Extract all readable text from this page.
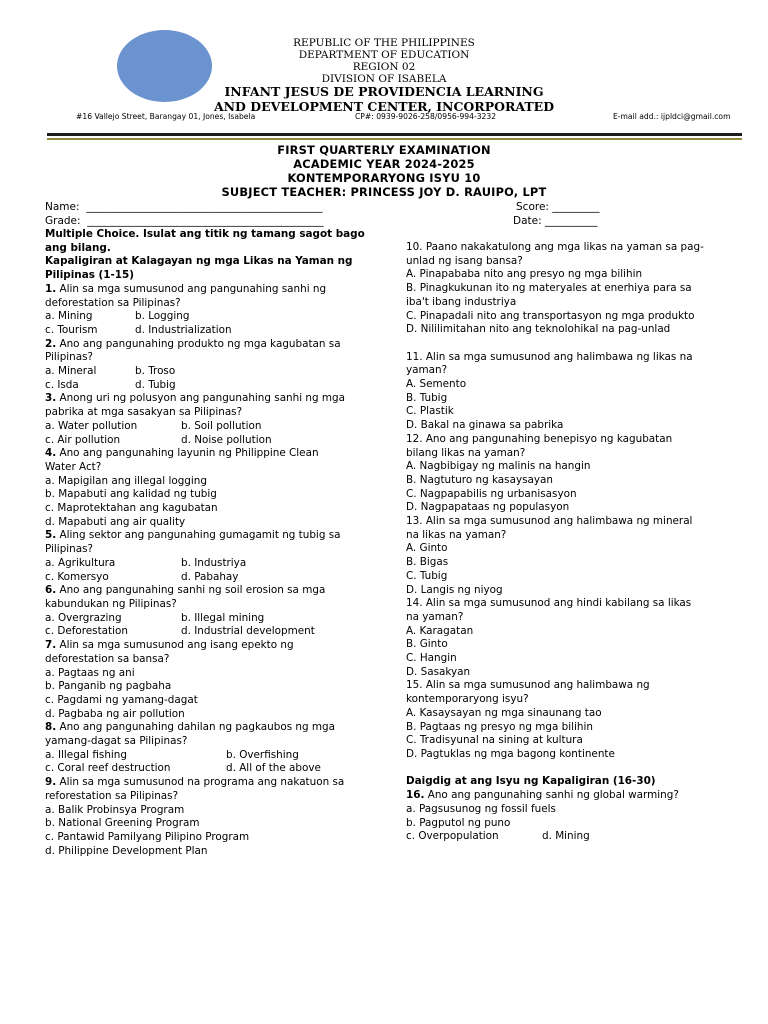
REPUBLIC OF THE PHILIPPINES
DEPARTMENT OF EDUCATION
REGION 02
DIVISION OF ISABELA
INFANT JESUS DE PROVIDENCIA LEARNING
AND DEVELOPMENT CENTER, INCORPORATED
#16 Vallejo Street, Barangay 01, Jones, Isabela	CP#: 0939-9026-258/0956-994-3232	E-mail add.: ijpldci@gmail.com
FIRST QUARTERLY EXAMINATION
ACADEMIC YEAR 2024-2025
KONTEMPORARYONG ISYU 10
SUBJECT TEACHER: PRINCESS JOY D. RAUIPO, LPT
Name:  _____________________________________________
Grade:  _____________________________________________
Score: _________
Date: __________

Multiple Choice. Isulat ang titik ng tamang sagot bago

ang bilang.

Kapaligiran at Kalagayan ng mga Likas na Yaman ng

Pilipinas (1-15)

1. Alin sa mga sumusunod ang pangunahing sanhi ng

deforestation sa Pilipinas?

a. Mining	b. Logging
c. Tourism	d. Industrialization

2. Ano ang pangunahing produkto ng mga kagubatan sa

Pilipinas?

a. Mineral	b. Troso
c. Isda	d. Tubig

3. Anong uri ng polusyon ang pangunahing sanhi ng mga

pabrika at mga sasakyan sa Pilipinas?

a. Water pollution	b. Soil pollution
c. Air pollution	d. Noise pollution

4. Ano ang pangunahing layunin ng Philippine Clean

Water Act?

a. Mapigilan ang illegal logging

b. Mapabuti ang kalidad ng tubig

c. Maprotektahan ang kagubatan

d. Mapabuti ang air quality

5. Aling sektor ang pangunahing gumagamit ng tubig sa

Pilipinas?

a. Agrikultura	b. Industriya
c. Komersyo	d. Pabahay

6. Ano ang pangunahing sanhi ng soil erosion sa mga

kabundukan ng Pilipinas?

a. Overgrazing	b. Illegal mining
c. Deforestation	d. Industrial development

7. Alin sa mga sumusunod ang isang epekto ng

deforestation sa bansa?

a. Pagtaas ng ani

b. Panganib ng pagbaha

c. Pagdami ng yamang-dagat

d. Pagbaba ng air pollution

8. Ano ang pangunahing dahilan ng pagkaubos ng mga

yamang-dagat sa Pilipinas?

a. Illegal fishing	b. Overfishing
c. Coral reef destruction	d. All of the above

9. Alin sa mga sumusunod na programa ang nakatuon sa

reforestation sa Pilipinas?

a. Balik Probinsya Program

b. National Greening Program

c. Pantawid Pamilyang Pilipino Program

d. Philippine Development Plan

10. Paano nakakatulong ang mga likas na yaman sa pag-

unlad ng isang bansa?

A. Pinapababa nito ang presyo ng mga bilihin

B. Pinagkukunan ito ng materyales at enerhiya para sa

iba't ibang industriya

C. Pinapadali nito ang transportasyon ng mga produkto

D. Nililimitahan nito ang teknolohikal na pag-unlad

11. Alin sa mga sumusunod ang halimbawa ng likas na

yaman?

A. Semento

B. Tubig

C. Plastik

D. Bakal na ginawa sa pabrika

12. Ano ang pangunahing benepisyo ng kagubatan

bilang likas na yaman?

A. Nagbibigay ng malinis na hangin

B. Nagtuturo ng kasaysayan

C. Nagpapabilis ng urbanisasyon

D. Nagpapataas ng populasyon

13. Alin sa mga sumusunod ang halimbawa ng mineral

na likas na yaman?

A. Ginto

B. Bigas

C. Tubig

D. Langis ng niyog

14. Alin sa mga sumusunod ang hindi kabilang sa likas

na yaman?

A. Karagatan

B. Ginto

C. Hangin

D. Sasakyan

15. Alin sa mga sumusunod ang halimbawa ng

kontemporaryong isyu?

A. Kasaysayan ng mga sinaunang tao

B. Pagtaas ng presyo ng mga bilihin

C. Tradisyunal na sining at kultura

D. Pagtuklas ng mga bagong kontinente

Daigdig at ang Isyu ng Kapaligiran (16-30)

16. Ano ang pangunahing sanhi ng global warming?

a. Pagsusunog ng fossil fuels

b. Pagputol ng puno

c. Overpopulation	d. Mining
